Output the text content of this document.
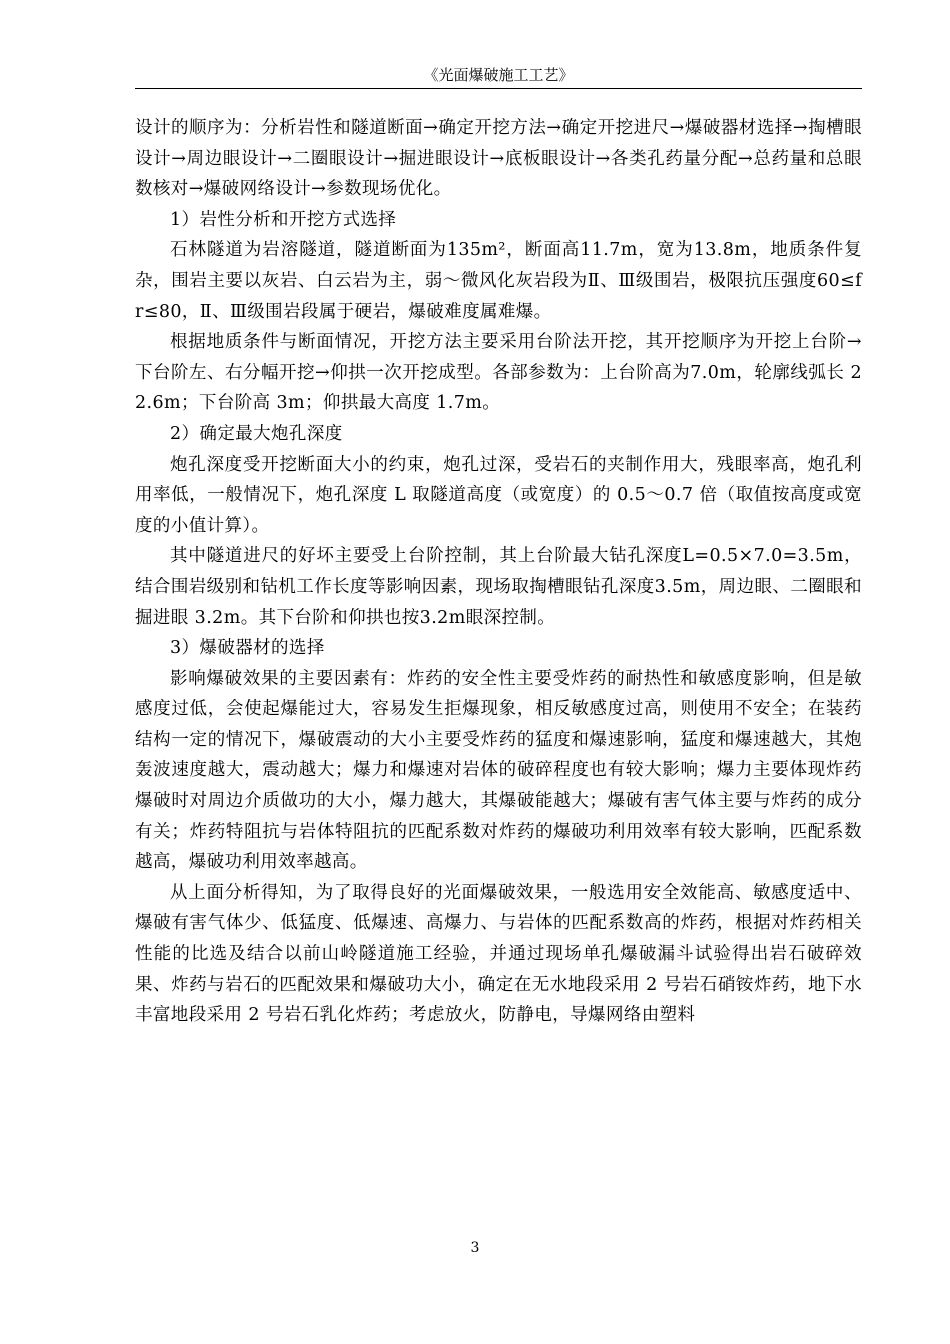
《光面爆破施工工艺》

设计的顺序为：分析岩性和隧道断面→确定开挖方法→确定开挖进尺→爆破器材选择→掏槽眼设计→周边眼设计→二圈眼设计→掘进眼设计→底板眼设计→各类孔药量分配→总药量和总眼数核对→爆破网络设计→参数现场优化。

1）岩性分析和开挖方式选择

石林隧道为岩溶隧道，隧道断面为135m²，断面高11.7m，宽为13.8m，地质条件复杂，围岩主要以灰岩、白云岩为主，弱～微风化灰岩段为Ⅱ、Ⅲ级围岩，极限抗压强度60≤fr≤80，Ⅱ、Ⅲ级围岩段属于硬岩，爆破难度属难爆。

根据地质条件与断面情况，开挖方法主要采用台阶法开挖，其开挖顺序为开挖上台阶→下台阶左、右分幅开挖→仰拱一次开挖成型。各部参数为：上台阶高为7.0m，轮廓线弧长 22.6m；下台阶高 3m；仰拱最大高度 1.7m。

2）确定最大炮孔深度

炮孔深度受开挖断面大小的约束，炮孔过深，受岩石的夹制作用大，残眼率高，炮孔利用率低，一般情况下，炮孔深度 L 取隧道高度（或宽度）的 0.5～0.7 倍（取值按高度或宽度的小值计算）。

其中隧道进尺的好坏主要受上台阶控制，其上台阶最大钻孔深度L=0.5×7.0=3.5m，结合围岩级别和钻机工作长度等影响因素，现场取掏槽眼钻孔深度3.5m，周边眼、二圈眼和掘进眼 3.2m。其下台阶和仰拱也按3.2m眼深控制。

3）爆破器材的选择

影响爆破效果的主要因素有：炸药的安全性主要受炸药的耐热性和敏感度影响，但是敏感度过低，会使起爆能过大，容易发生拒爆现象，相反敏感度过高，则使用不安全；在装药结构一定的情况下，爆破震动的大小主要受炸药的猛度和爆速影响，猛度和爆速越大，其炮轰波速度越大，震动越大；爆力和爆速对岩体的破碎程度也有较大影响；爆力主要体现炸药爆破时对周边介质做功的大小，爆力越大，其爆破能越大；爆破有害气体主要与炸药的成分有关；炸药特阻抗与岩体特阻抗的匹配系数对炸药的爆破功利用效率有较大影响，匹配系数越高，爆破功利用效率越高。

从上面分析得知，为了取得良好的光面爆破效果，一般选用安全效能高、敏感度适中、爆破有害气体少、低猛度、低爆速、高爆力、与岩体的匹配系数高的炸药，根据对炸药相关性能的比选及结合以前山岭隧道施工经验，并通过现场单孔爆破漏斗试验得出岩石破碎效果、炸药与岩石的匹配效果和爆破功大小，确定在无水地段采用 2 号岩石硝铵炸药，地下水丰富地段采用 2 号岩石乳化炸药；考虑放火，防静电，导爆网络由塑料

3
